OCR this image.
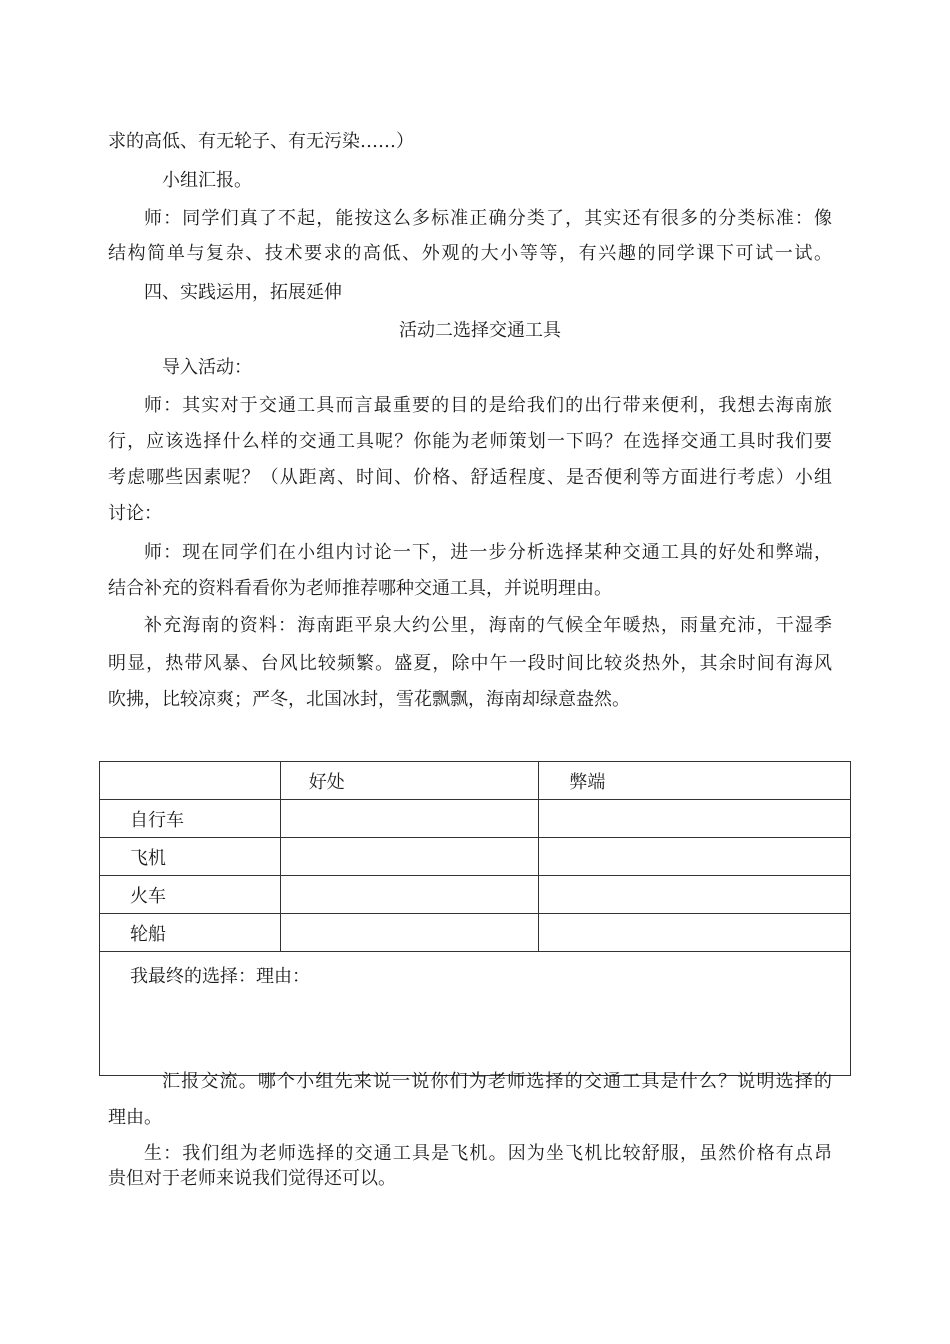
求的高低、有无轮子、有无污染……）
小组汇报。
师：同学们真了不起，能按这么多标准正确分类了，其实还有很多的分类标准：像
结构简单与复杂、技术要求的高低、外观的大小等等，有兴趣的同学课下可试一试。
四、实践运用，拓展延伸
活动二选择交通工具
导入活动：
师：其实对于交通工具而言最重要的目的是给我们的出行带来便利，我想去海南旅
行，应该选择什么样的交通工具呢？你能为老师策划一下吗？在选择交通工具时我们要
考虑哪些因素呢？（从距离、时间、价格、舒适程度、是否便利等方面进行考虑）小组
讨论：
师：现在同学们在小组内讨论一下，进一步分析选择某种交通工具的好处和弊端，
结合补充的资料看看你为老师推荐哪种交通工具，并说明理由。
补充海南的资料：海南距平泉大约公里，海南的气候全年暖热，雨量充沛，干湿季
明显，热带风暴、台风比较频繁。盛夏，除中午一段时间比较炎热外，其余时间有海风
吹拂，比较凉爽；严冬，北国冰封，雪花飘飘，海南却绿意盎然。
	好处	弊端
自行车		
飞机		
火车		
轮船		
我最终的选择：理由：		
汇报交流。哪个小组先来说一说你们为老师选择的交通工具是什么？说明选择的
理由。
生：我们组为老师选择的交通工具是飞机。因为坐飞机比较舒服，虽然价格有点昂
贵但对于老师来说我们觉得还可以。
